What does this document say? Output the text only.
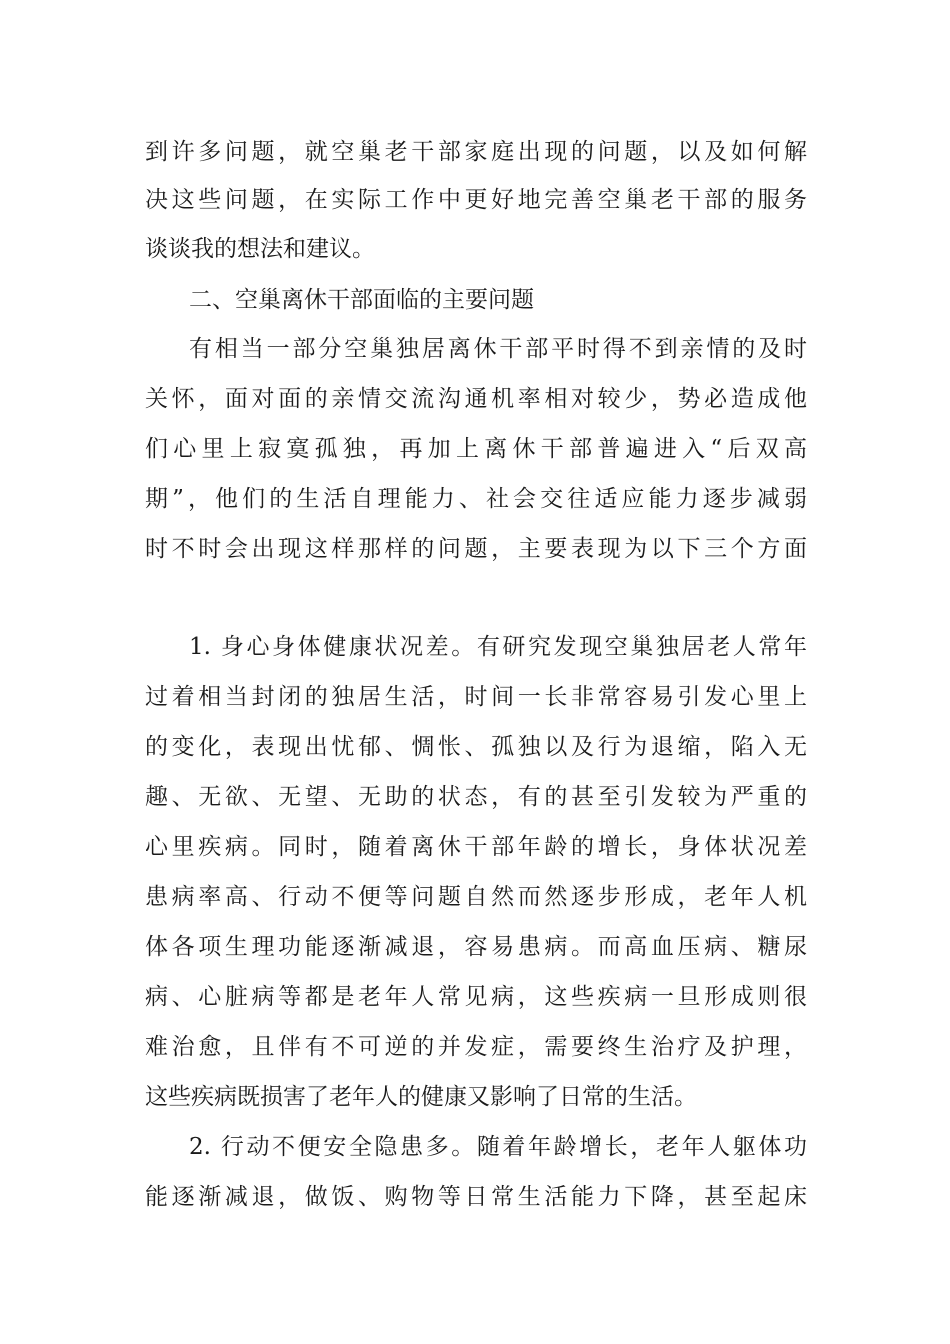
到许多问题，就空巢老干部家庭出现的问题，以及如何解
决这些问题，在实际工作中更好地完善空巢老干部的服务
谈谈我的想法和建议。
二、空巢离休干部面临的主要问题
有相当一部分空巢独居离休干部平时得不到亲情的及时
关怀，面对面的亲情交流沟通机率相对较少，势必造成他
们心里上寂寞孤独，再加上离休干部普遍进入“后双高
期”，他们的生活自理能力、社会交往适应能力逐步减弱
时不时会出现这样那样的问题，主要表现为以下三个方面
1. 身心身体健康状况差。有研究发现空巢独居老人常年
过着相当封闭的独居生活，时间一长非常容易引发心里上
的变化，表现出忧郁、惆怅、孤独以及行为退缩，陷入无
趣、无欲、无望、无助的状态，有的甚至引发较为严重的
心里疾病。同时，随着离休干部年龄的增长，身体状况差
患病率高、行动不便等问题自然而然逐步形成，老年人机
体各项生理功能逐渐减退，容易患病。而高血压病、糖尿
病、心脏病等都是老年人常见病，这些疾病一旦形成则很
难治愈，且伴有不可逆的并发症，需要终生治疗及护理，
这些疾病既损害了老年人的健康又影响了日常的生活。
2. 行动不便安全隐患多。随着年龄增长，老年人躯体功
能逐渐减退，做饭、购物等日常生活能力下降，甚至起床
